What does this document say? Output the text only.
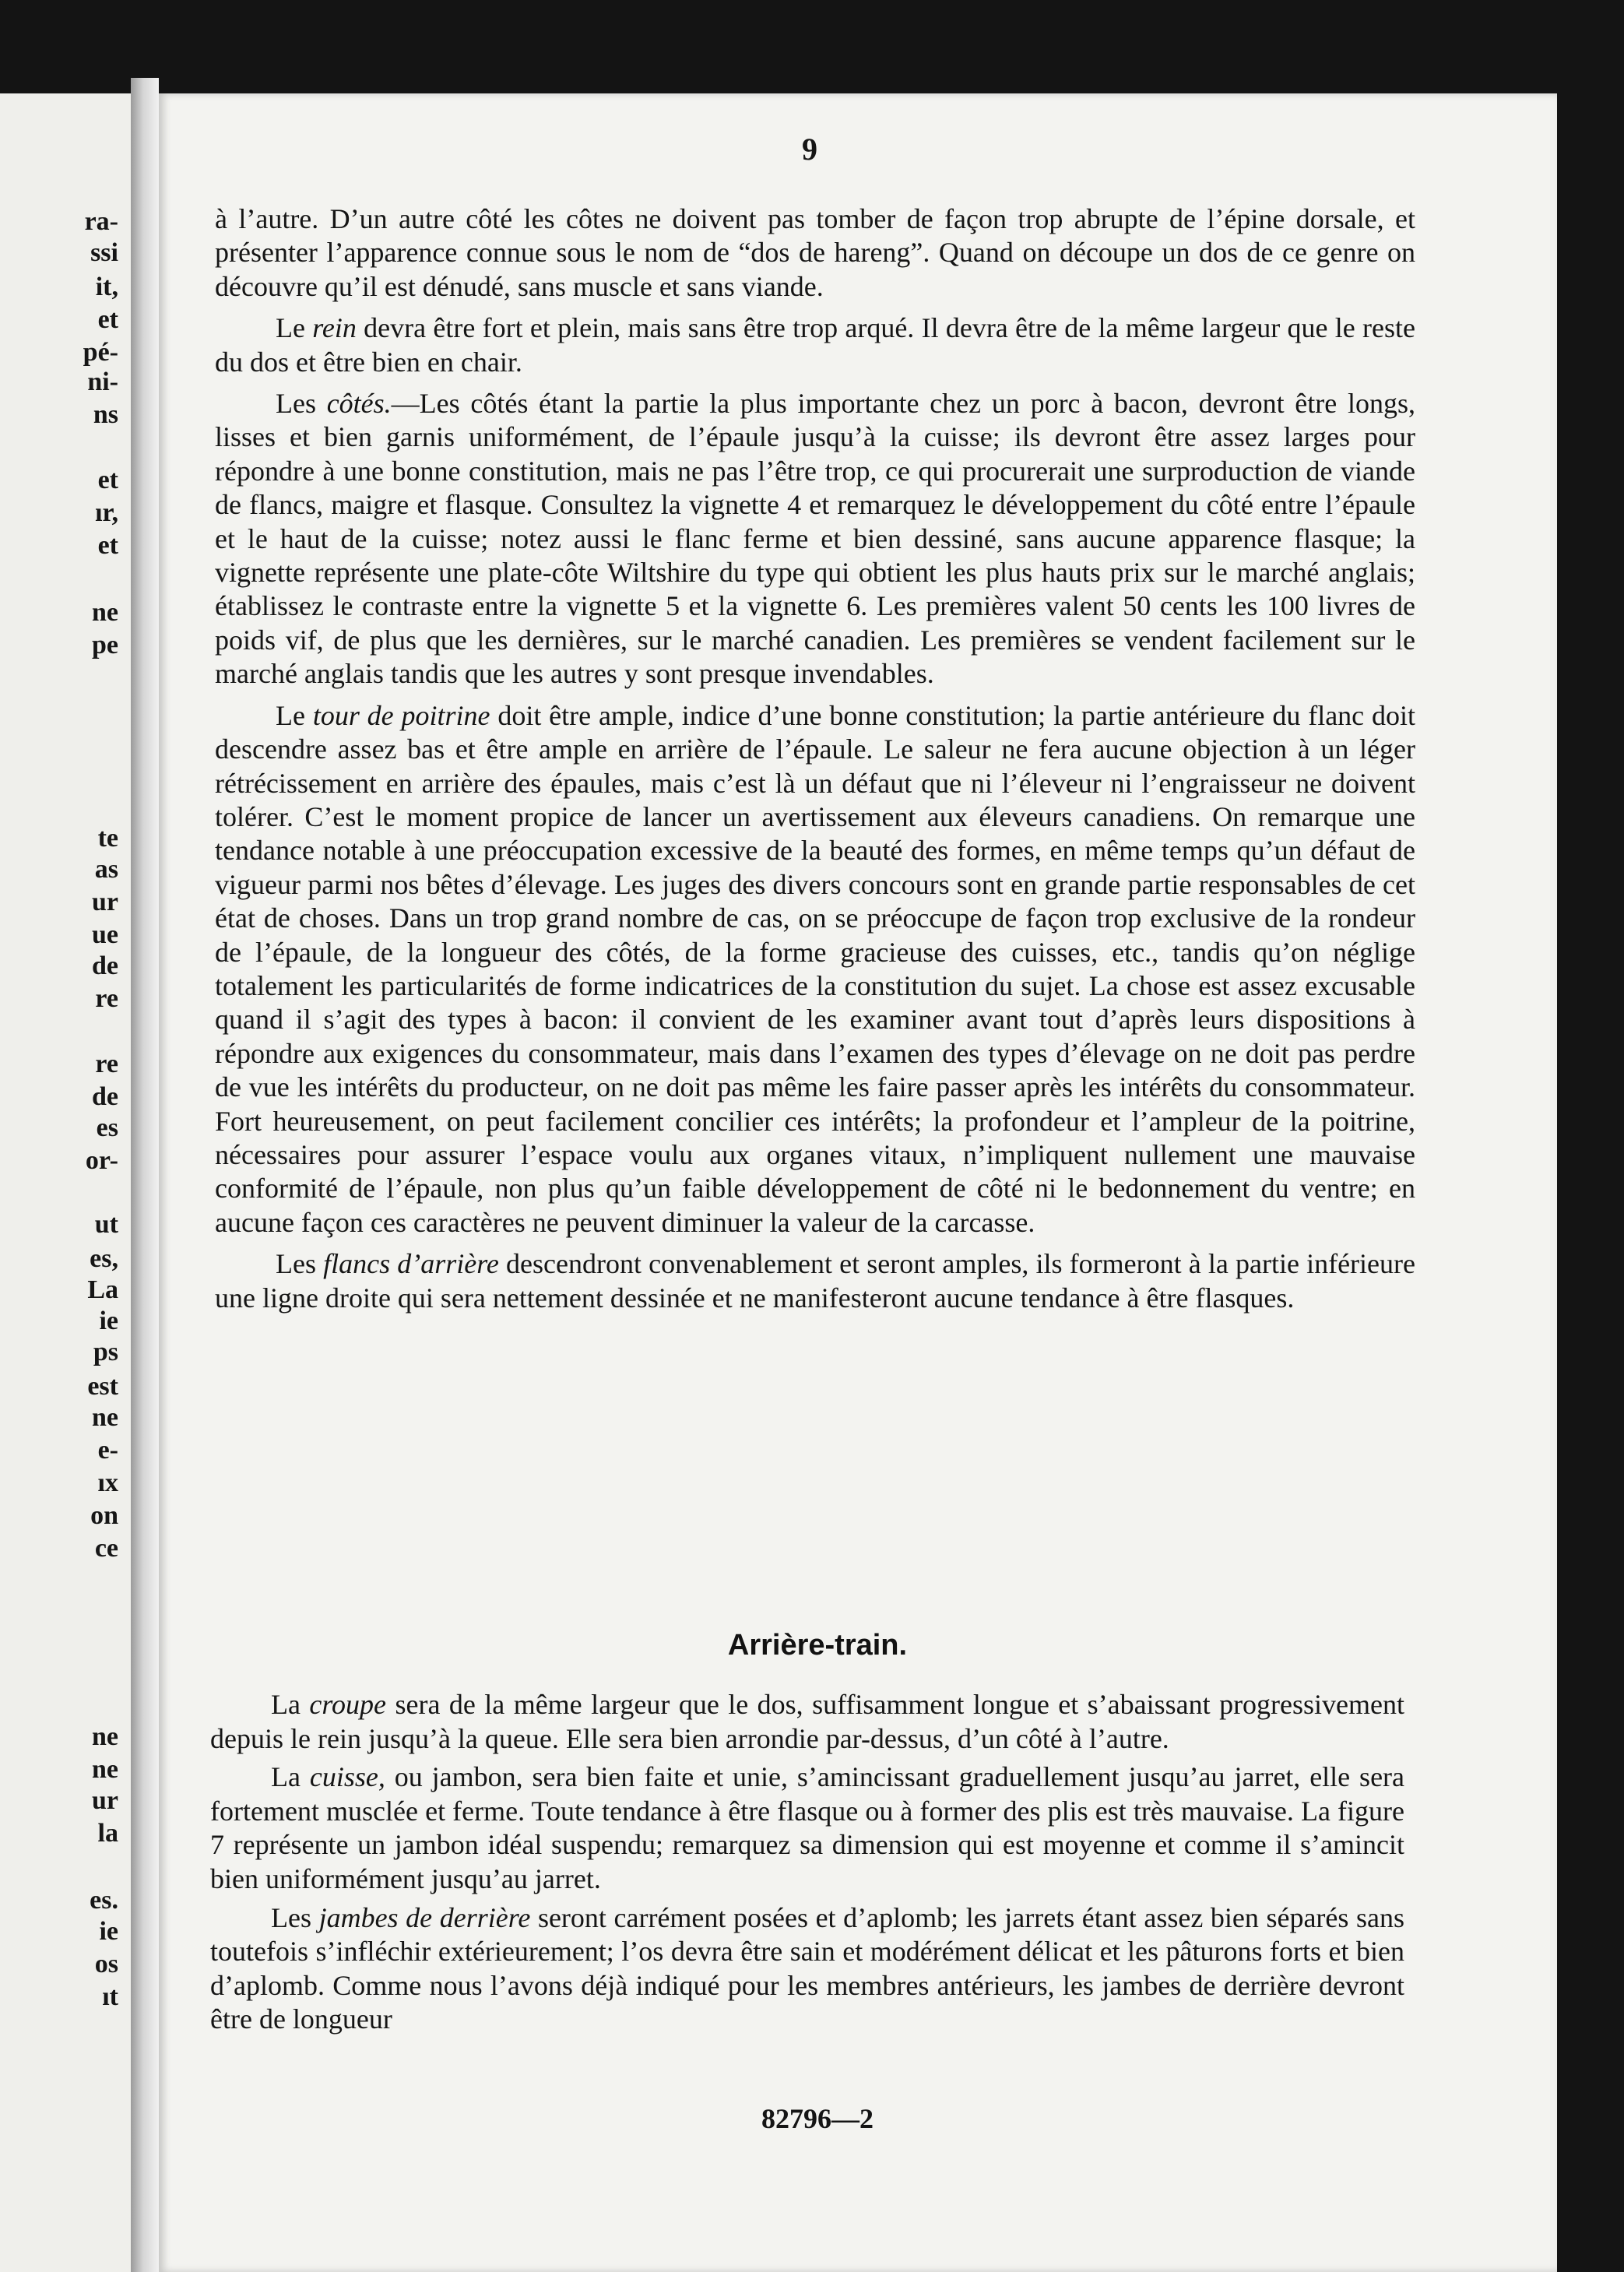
ra-
ssi
it,
et
pé-
ni-
ns
et
ır,
et
ne
pe
te
as
ur
ue
de
re
re
de
es
or-
ut
es,
La
ie
ps
est
ne
e-
ıx
on
ce
ne
ne
ur
la
es.
ie
os
ıt
9

à l’autre. D’un autre côté les côtes ne doivent pas tomber de façon trop abrupte de l’épine dorsale, et présenter l’apparence connue sous le nom de “dos de hareng”. Quand on découpe un dos de ce genre on découvre qu’il est dénudé, sans muscle et sans viande.

Le rein devra être fort et plein, mais sans être trop arqué. Il devra être de la même largeur que le reste du dos et être bien en chair.

Les côtés.—Les côtés étant la partie la plus importante chez un porc à bacon, devront être longs, lisses et bien garnis uniformément, de l’épaule jusqu’à la cuisse; ils devront être assez larges pour répondre à une bonne constitution, mais ne pas l’être trop, ce qui procurerait une surproduction de viande de flancs, maigre et flasque. Consultez la vignette 4 et remarquez le développement du côté entre l’épaule et le haut de la cuisse; notez aussi le flanc ferme et bien dessiné, sans aucune apparence flasque; la vignette représente une plate-côte Wiltshire du type qui obtient les plus hauts prix sur le marché anglais; établissez le contraste entre la vignette 5 et la vignette 6. Les premières valent 50 cents les 100 livres de poids vif, de plus que les dernières, sur le marché canadien. Les premières se vendent facilement sur le marché anglais tandis que les autres y sont presque invendables.

Le tour de poitrine doit être ample, indice d’une bonne constitution; la partie antérieure du flanc doit descendre assez bas et être ample en arrière de l’épaule. Le saleur ne fera aucune objection à un léger rétrécissement en arrière des épaules, mais c’est là un défaut que ni l’éleveur ni l’engraisseur ne doivent tolérer. C’est le moment propice de lancer un avertissement aux éleveurs canadiens. On remarque une tendance notable à une préoccupation excessive de la beauté des formes, en même temps qu’un défaut de vigueur parmi nos bêtes d’élevage. Les juges des divers concours sont en grande partie responsables de cet état de choses. Dans un trop grand nombre de cas, on se préoccupe de façon trop exclusive de la rondeur de l’épaule, de la longueur des côtés, de la forme gracieuse des cuisses, etc., tandis qu’on néglige totalement les particularités de forme indicatrices de la constitution du sujet. La chose est assez excusable quand il s’agit des types à bacon: il convient de les examiner avant tout d’après leurs dispositions à répondre aux exigences du consommateur, mais dans l’examen des types d’élevage on ne doit pas perdre de vue les intérêts du producteur, on ne doit pas même les faire passer après les intérêts du consommateur. Fort heureusement, on peut facilement concilier ces intérêts; la profondeur et l’ampleur de la poitrine, nécessaires pour assurer l’espace voulu aux organes vitaux, n’impliquent nullement une mauvaise conformité de l’épaule, non plus qu’un faible développement de côté ni le bedonnement du ventre; en aucune façon ces caractères ne peuvent diminuer la valeur de la carcasse.

Les flancs d’arrière descendront convenablement et seront amples, ils formeront à la partie inférieure une ligne droite qui sera nettement dessinée et ne manifesteront aucune tendance à être flasques.

Arrière-train.

La croupe sera de la même largeur que le dos, suffisamment longue et s’abaissant progressivement depuis le rein jusqu’à la queue. Elle sera bien arrondie par-dessus, d’un côté à l’autre.

La cuisse, ou jambon, sera bien faite et unie, s’amincissant graduellement jusqu’au jarret, elle sera fortement musclée et ferme. Toute tendance à être flasque ou à former des plis est très mauvaise. La figure 7 représente un jambon idéal suspendu; remarquez sa dimension qui est moyenne et comme il s’amincit bien uniformément jusqu’au jarret.

Les jambes de derrière seront carrément posées et d’aplomb; les jarrets étant assez bien séparés sans toutefois s’infléchir extérieurement; l’os devra être sain et modérément délicat et les pâturons forts et bien d’aplomb. Comme nous l’avons déjà indiqué pour les membres antérieurs, les jambes de derrière devront être de longueur

82796—2
